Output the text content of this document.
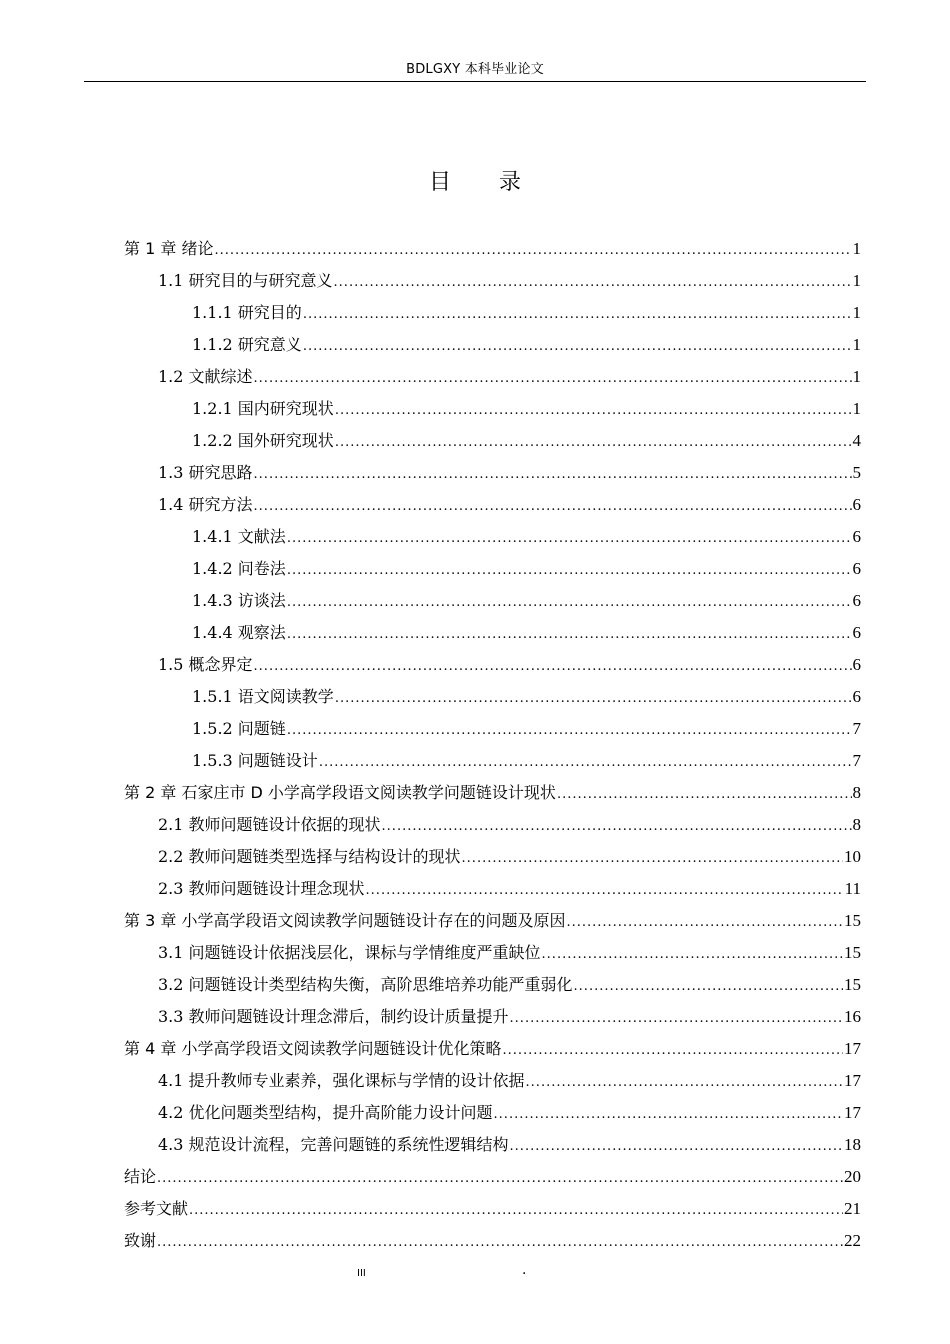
BDLGXY 本科毕业论文
目录
第 1 章 绪论 .....	1
1.1 研究目的与研究意义 .....	1
1.1.1 研究目的 .....	1
1.1.2 研究意义 .....	1
1.2 文献综述 .....	1
1.2.1 国内研究现状 .....	1
1.2.2 国外研究现状 .....	4
1.3 研究思路 .....	5
1.4 研究方法 .....	6
1.4.1 文献法 .....	6
1.4.2 问卷法 .....	6
1.4.3 访谈法 .....	6
1.4.4 观察法 .....	6
1.5 概念界定 .....	6
1.5.1 语文阅读教学 .....	6
1.5.2 问题链 .....	7
1.5.3 问题链设计 .....	7
第 2 章 石家庄市 D 小学高学段语文阅读教学问题链设计现状 .....	8
2.1 教师问题链设计依据的现状 .....	8
2.2 教师问题链类型选择与结构设计的现状 .....	10
2.3 教师问题链设计理念现状 .....	11
第 3 章 小学高学段语文阅读教学问题链设计存在的问题及原因 .....	15
3.1 问题链设计依据浅层化，课标与学情维度严重缺位 .....	15
3.2 问题链设计类型结构失衡，高阶思维培养功能严重弱化 .....	15
3.3 教师问题链设计理念滞后，制约设计质量提升 .....	16
第 4 章 小学高学段语文阅读教学问题链设计优化策略 .....	17
4.1 提升教师专业素养，强化课标与学情的设计依据 .....	17
4.2 优化问题类型结构，提升高阶能力设计问题 .....	17
4.3 规范设计流程，完善问题链的系统性逻辑结构 .....	18
结论 .....	20
参考文献 .....	21
致谢 .....	22
III	.
